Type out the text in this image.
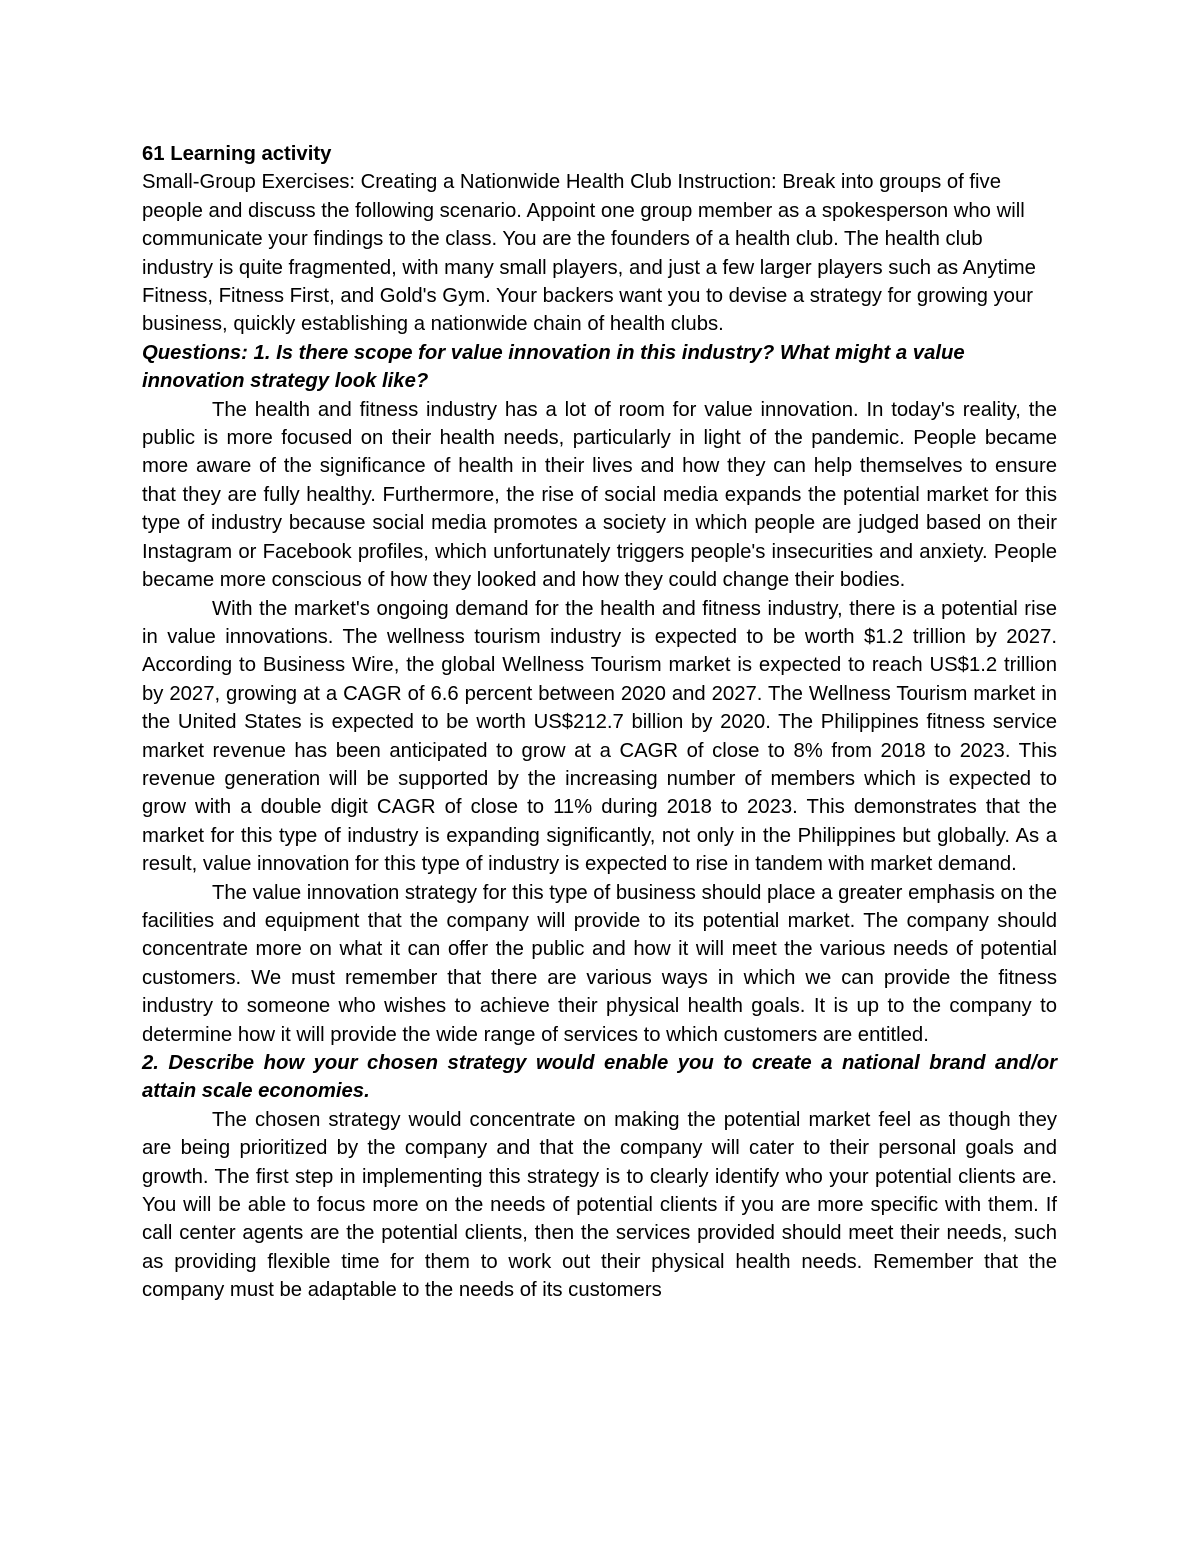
61 Learning activity

Small-Group Exercises: Creating a Nationwide Health Club Instruction: Break into groups of five people and discuss the following scenario. Appoint one group member as a spokesperson who will communicate your findings to the class. You are the founders of a health club. The health club industry is quite fragmented, with many small players, and just a few larger players such as Anytime Fitness, Fitness First, and Gold's Gym. Your backers want you to devise a strategy for growing your business, quickly establishing a nationwide chain of health clubs.

Questions: 1. Is there scope for value innovation in this industry? What might a value innovation strategy look like?

The health and fitness industry has a lot of room for value innovation. In today's reality, the public is more focused on their health needs, particularly in light of the pandemic. People became more aware of the significance of health in their lives and how they can help themselves to ensure that they are fully healthy. Furthermore, the rise of social media expands the potential market for this type of industry because social media promotes a society in which people are judged based on their Instagram or Facebook profiles, which unfortunately triggers people's insecurities and anxiety. People became more conscious of how they looked and how they could change their bodies.

With the market's ongoing demand for the health and fitness industry, there is a potential rise in value innovations. The wellness tourism industry is expected to be worth $1.2 trillion by 2027. According to Business Wire, the global Wellness Tourism market is expected to reach US$1.2 trillion by 2027, growing at a CAGR of 6.6 percent between 2020 and 2027. The Wellness Tourism market in the United States is expected to be worth US$212.7 billion by 2020. The Philippines fitness service market revenue has been anticipated to grow at a CAGR of close to 8% from 2018 to 2023. This revenue generation will be supported by the increasing number of members which is expected to grow with a double digit CAGR of close to 11% during 2018 to 2023. This demonstrates that the market for this type of industry is expanding significantly, not only in the Philippines but globally. As a result, value innovation for this type of industry is expected to rise in tandem with market demand.

The value innovation strategy for this type of business should place a greater emphasis on the facilities and equipment that the company will provide to its potential market. The company should concentrate more on what it can offer the public and how it will meet the various needs of potential customers. We must remember that there are various ways in which we can provide the fitness industry to someone who wishes to achieve their physical health goals. It is up to the company to determine how it will provide the wide range of services to which customers are entitled.

2. Describe how your chosen strategy would enable you to create a national brand and/or attain scale economies.

The chosen strategy would concentrate on making the potential market feel as though they are being prioritized by the company and that the company will cater to their personal goals and growth. The first step in implementing this strategy is to clearly identify who your potential clients are. You will be able to focus more on the needs of potential clients if you are more specific with them. If call center agents are the potential clients, then the services provided should meet their needs, such as providing flexible time for them to work out their physical health needs. Remember that the company must be adaptable to the needs of its customers
